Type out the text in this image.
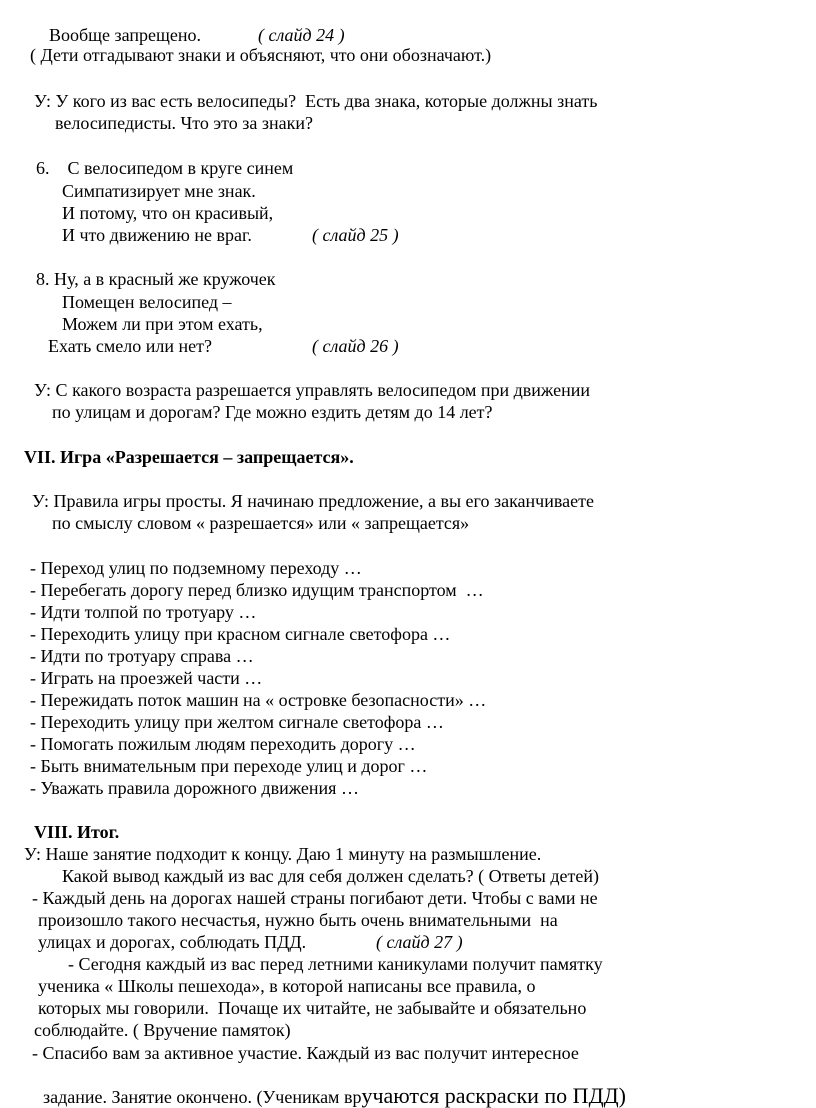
Вообще запрещено.	( слайд 24 )

( Дети отгадывают знаки и объясняют, что они обозначают.)
У: У кого из вас есть велосипеды?  Есть два знака, которые должны знать
велосипедисты. Что это за знаки?
6.    С велосипедом в круге синем
Симпатизирует мне знак.
И потому, что он красивый,
И что движению не враг.	( слайд 25 )
8. Ну, а в красный же кружочек
Помещен велосипед –
Можем ли при этом ехать,
Ехать смело или нет?	( слайд 26 )
У: С какого возраста разрешается управлять велосипедом при движении
по улицам и дорогам? Где можно ездить детям до 14 лет?
VII. Игра «Разрешается – запрещается».
У: Правила игры просты. Я начинаю предложение, а вы его заканчиваете
по смыслу словом « разрешается» или « запрещается»
- Переход улиц по подземному переходу …
- Перебегать дорогу перед близко идущим транспортом  …
- Идти толпой по тротуару …
- Переходить улицу при красном сигнале светофора …
- Идти по тротуару справа …
- Играть на проезжей части …
- Пережидать поток машин на « островке безопасности» …
- Переходить улицу при желтом сигнале светофора …
- Помогать пожилым людям переходить дорогу …
- Быть внимательным при переходе улиц и дорог …
- Уважать правила дорожного движения …
VIII. Итог.
У: Наше занятие подходит к концу. Даю 1 минуту на размышление.
Какой вывод каждый из вас для себя должен сделать? ( Ответы детей)
- Каждый день на дорогах нашей страны погибают дети. Чтобы с вами не
произошло такого несчастья, нужно быть очень внимательными  на
улицах и дорогах, соблюдать ПДД.	( слайд 27 )
- Сегодня каждый из вас перед летними каникулами получит памятку
ученика « Школы пешехода», в которой написаны все правила, о
которых мы говорили.  Почаще их читайте, не забывайте и обязательно
соблюдайте. ( Вручение памяток)
- Спасибо вам за активное участие. Каждый из вас получит интересное

задание. Занятие окончено. (Ученикам вручаются раскраски по ПДД)
